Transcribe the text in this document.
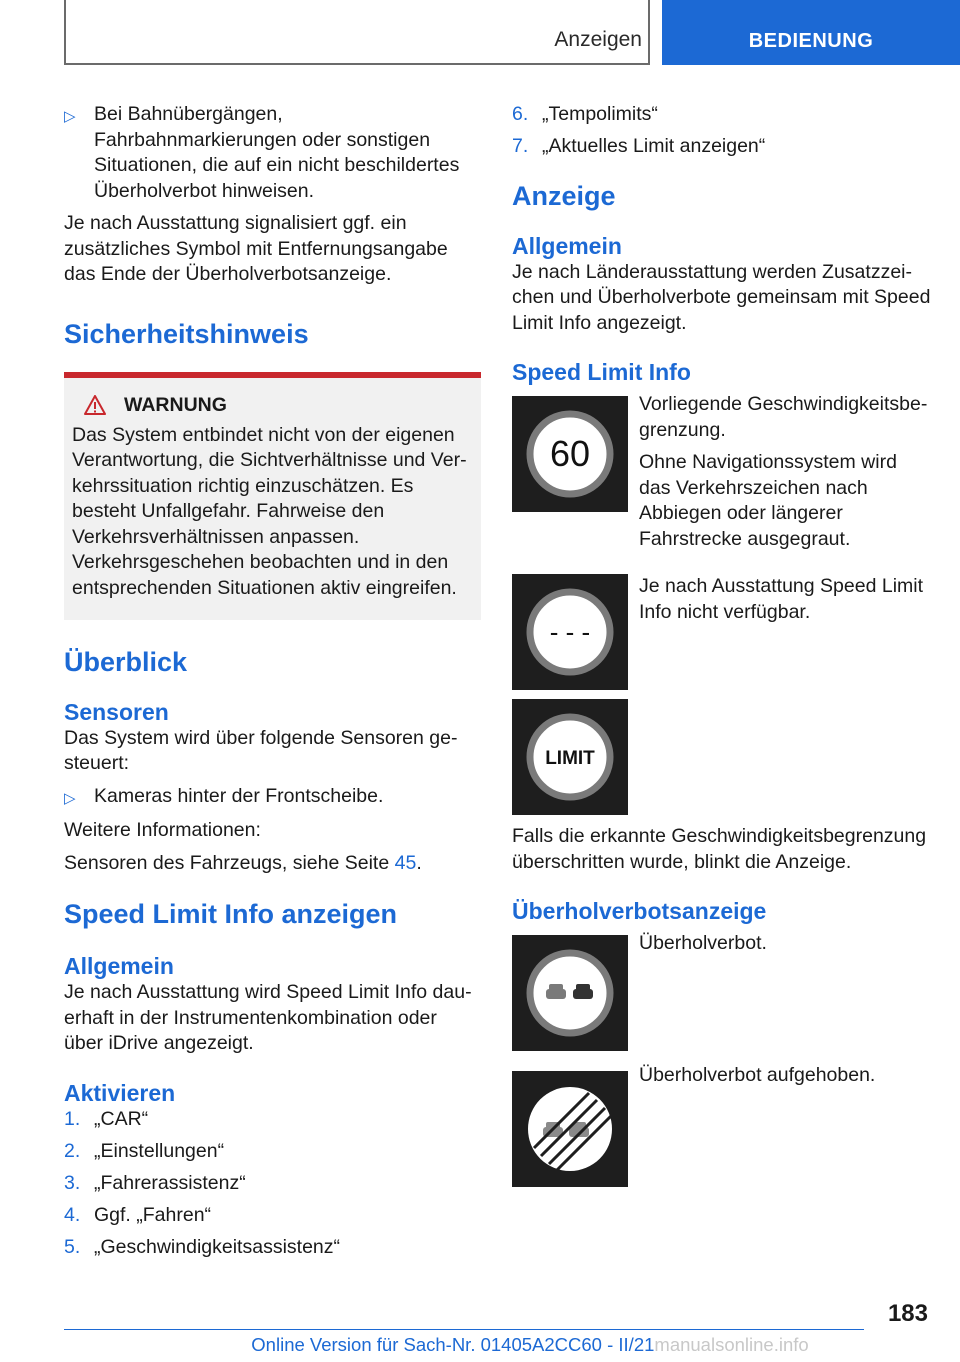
Anzeigen	BEDIENUNG
▷ Bei Bahnübergängen, Fahrbahnmarkierungen oder sonstigen Situationen, die auf ein nicht beschildertes Überholverbot hinweisen.

Je nach Ausstattung signalisiert ggf. ein zusätzliches Symbol mit Entfernungsangabe das Ende der Überholverbotsanzeige.

Sicherheitshinweis
WARNUNG

Das System entbindet nicht von der eigenen Verantwortung, die Sichtverhältnisse und Verkehrssituation richtig einzuschätzen. Es besteht Unfallgefahr. Fahrweise den Verkehrsverhältnissen anpassen. Verkehrsgeschehen beobachten und in den entsprechenden Situationen aktiv eingreifen.

Überblick
Sensoren

Das System wird über folgende Sensoren gesteuert:

▷ Kameras hinter der Frontscheibe.

Weitere Informationen:

Sensoren des Fahrzeugs, siehe Seite 45.

Speed Limit Info anzeigen
Allgemein

Je nach Ausstattung wird Speed Limit Info dauerhaft in der Instrumentenkombination oder über iDrive angezeigt.

Aktivieren
1. „CAR“
2. „Einstellungen“
3. „Fahrerassistenz“
4. Ggf. „Fahren“
5. „Geschwindigkeitsassistenz“
6. „Tempolimits“
7. „Aktuelles Limit anzeigen“
Anzeige
Allgemein

Je nach Länderausstattung werden Zusatzzeichen und Überholverbote gemeinsam mit Speed Limit Info angezeigt.

Speed Limit Info
60

Vorliegende Geschwindigkeitsbegrenzung.

Ohne Navigationssystem wird das Verkehrszeichen nach Abbiegen oder längerer Fahrstrecke ausgegraut.

- - -

Je nach Ausstattung Speed Limit Info nicht verfügbar.

LIMIT

Falls die erkannte Geschwindigkeitsbegrenzung überschritten wurde, blinkt die Anzeige.

Überholverbotsanzeige

Überholverbot.

Überholverbot aufgehoben.

183
Online Version für Sach-Nr. 01405A2CC60 - II/21manualsonline.info
